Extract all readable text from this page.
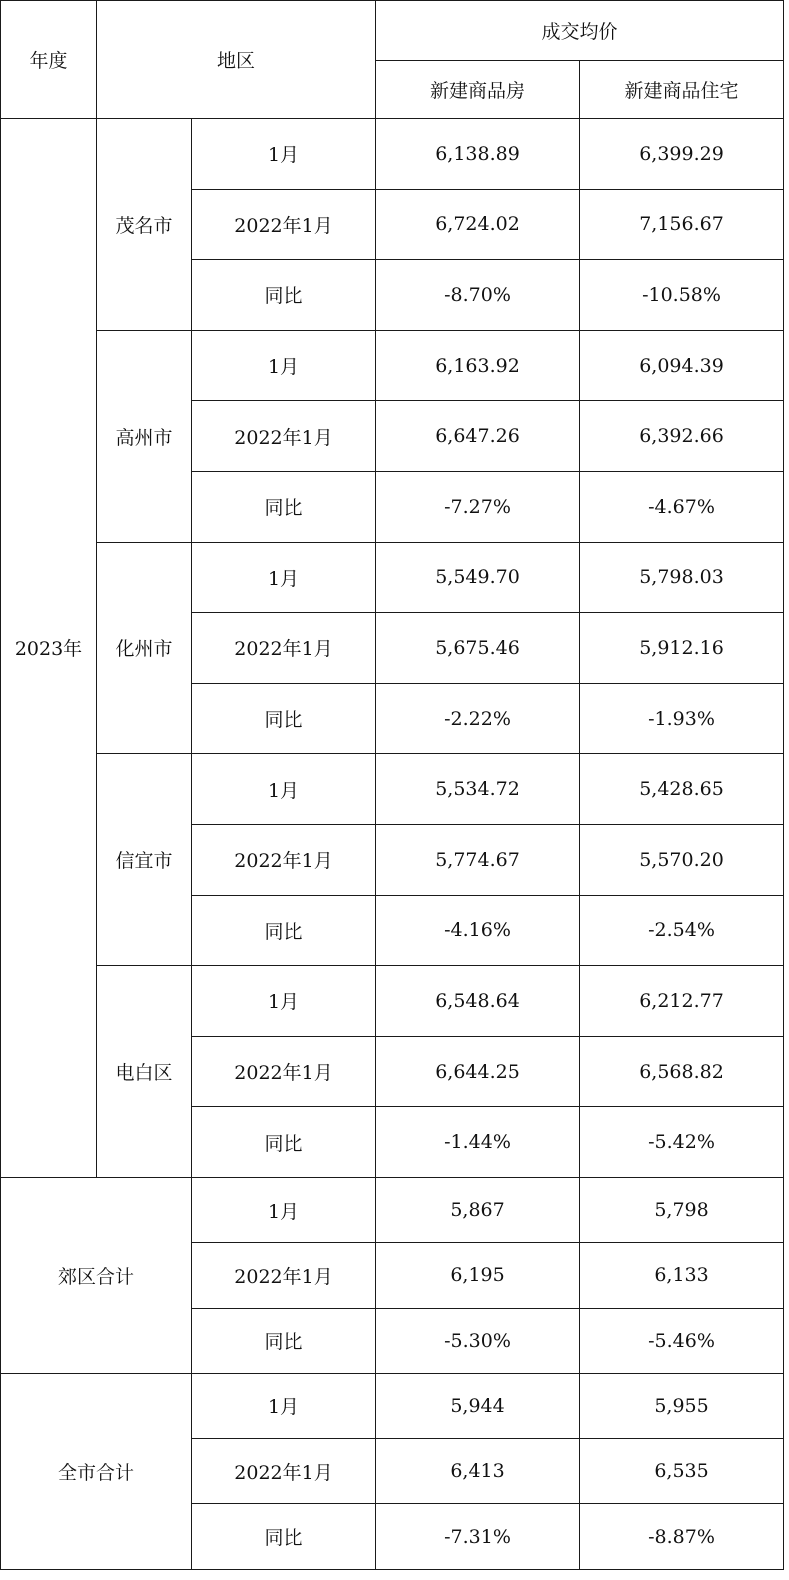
年度	地区		成交均价	
			新建商品房	新建商品住宅
2023年	茂名市	1月	6,138.89	6,399.29
		2022年1月	6,724.02	7,156.67
		同比	-8.70%	-10.58%
	高州市	1月	6,163.92	6,094.39
		2022年1月	6,647.26	6,392.66
		同比	-7.27%	-4.67%
	化州市	1月	5,549.70	5,798.03
		2022年1月	5,675.46	5,912.16
		同比	-2.22%	-1.93%
	信宜市	1月	5,534.72	5,428.65
		2022年1月	5,774.67	5,570.20
		同比	-4.16%	-2.54%
	电白区	1月	6,548.64	6,212.77
		2022年1月	6,644.25	6,568.82
		同比	-1.44%	-5.42%
郊区合计		1月	5,867	5,798
		2022年1月	6,195	6,133
		同比	-5.30%	-5.46%
全市合计		1月	5,944	5,955
		2022年1月	6,413	6,535
		同比	-7.31%	-8.87%
